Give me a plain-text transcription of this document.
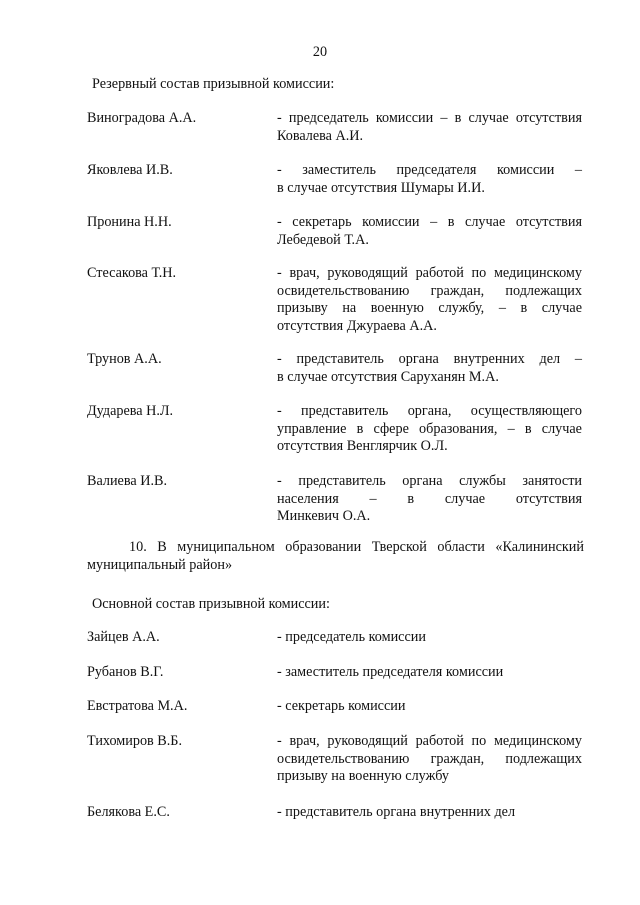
20
Резервный состав призывной комиссии:
Виноградова А.А.	- председатель комиссии – в случае отсутствия
Ковалева А.И.
Яковлева И.В.	- заместитель председателя комиссии –
в случае отсутствия Шумары И.И.
Пронина Н.Н.	- секретарь комиссии – в случае отсутствия
Лебедевой Т.А.
Стесакова Т.Н.	- врач, руководящий работой по медицинскому
освидетельствованию граждан, подлежащих
призыву на военную службу, – в случае
отсутствия Джураева А.А.
Трунов А.А.	- представитель органа внутренних дел –
в случае отсутствия Саруханян М.А.
Дударева Н.Л.	- представитель органа, осуществляющего
управление в сфере образования, – в случае
отсутствия Венглярчик О.Л.
Валиева И.В.	- представитель органа службы занятости
населения – в случае отсутствия
Минкевич О.А.
10. В муниципальном образовании Тверской области «Калининский муниципальный район»
Основной состав призывной комиссии:
Зайцев А.А.	- председатель комиссии
Рубанов В.Г.	- заместитель председателя комиссии
Евстратова М.А.	- секретарь комиссии
Тихомиров В.Б.	- врач, руководящий работой по медицинскому
освидетельствованию граждан, подлежащих
призыву на военную службу
Белякова Е.С.	- представитель органа внутренних дел
